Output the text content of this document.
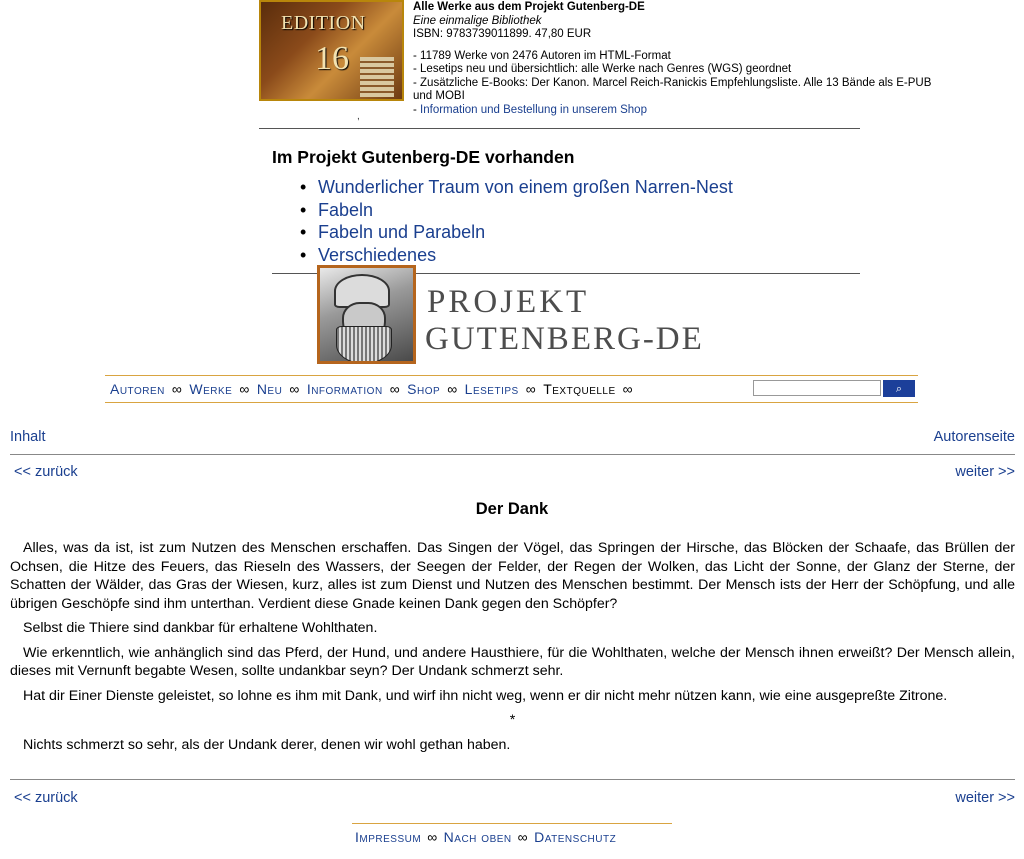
EDITION
16
,
Alle Werke aus dem Projekt Gutenberg-DE
Eine einmalige Bibliothek
ISBN: 9783739011899. 47,80 EUR
- 11789 Werke von 2476 Autoren im HTML-Format
- Lesetips neu und übersichtlich: alle Werke nach Genres (WGS) geordnet
- Zusätzliche E-Books: Der Kanon. Marcel Reich-Ranickis Empfehlungsliste. Alle 13 Bände als E-PUB und MOBI
- Information und Bestellung in unserem Shop
Im Projekt Gutenberg-DE vorhanden
• Wunderlicher Traum von einem großen Narren-Nest
• Fabeln
• Fabeln und Parabeln
• Verschiedenes
PROJEKT
GUTENBERG-DE
Autoren ∞ Werke ∞ Neu ∞ Information ∞ Shop ∞ Lesetips ∞ Textquelle ∞	⌕
Inhalt	Autorenseite
<< zurück	weiter >>
Der Dank

Alles, was da ist, ist zum Nutzen des Menschen erschaffen. Das Singen der Vögel, das Springen der Hirsche, das Blöcken der Schaafe, das Brüllen der Ochsen, die Hitze des Feuers, das Rieseln des Wassers, der Seegen der Felder, der Regen der Wolken, das Licht der Sonne, der Glanz der Sterne, der Schatten der Wälder, das Gras der Wiesen, kurz, alles ist zum Dienst und Nutzen des Menschen bestimmt. Der Mensch ists der Herr der Schöpfung, und alle übrigen Geschöpfe sind ihm unterthan. Verdient diese Gnade keinen Dank gegen den Schöpfer?

Selbst die Thiere sind dankbar für erhaltene Wohlthaten.

Wie erkenntlich, wie anhänglich sind das Pferd, der Hund, und andere Hausthiere, für die Wohlthaten, welche der Mensch ihnen erweißt? Der Mensch allein, dieses mit Vernunft begabte Wesen, sollte undankbar seyn? Der Undank schmerzt sehr.

Hat dir Einer Dienste geleistet, so lohne es ihm mit Dank, und wirf ihn nicht weg, wenn er dir nicht mehr nützen kann, wie eine ausgepreßte Zitrone.

*

Nichts schmerzt so sehr, als der Undank derer, denen wir wohl gethan haben.

<< zurück	weiter >>
Impressum ∞ Nach oben ∞ Datenschutz
